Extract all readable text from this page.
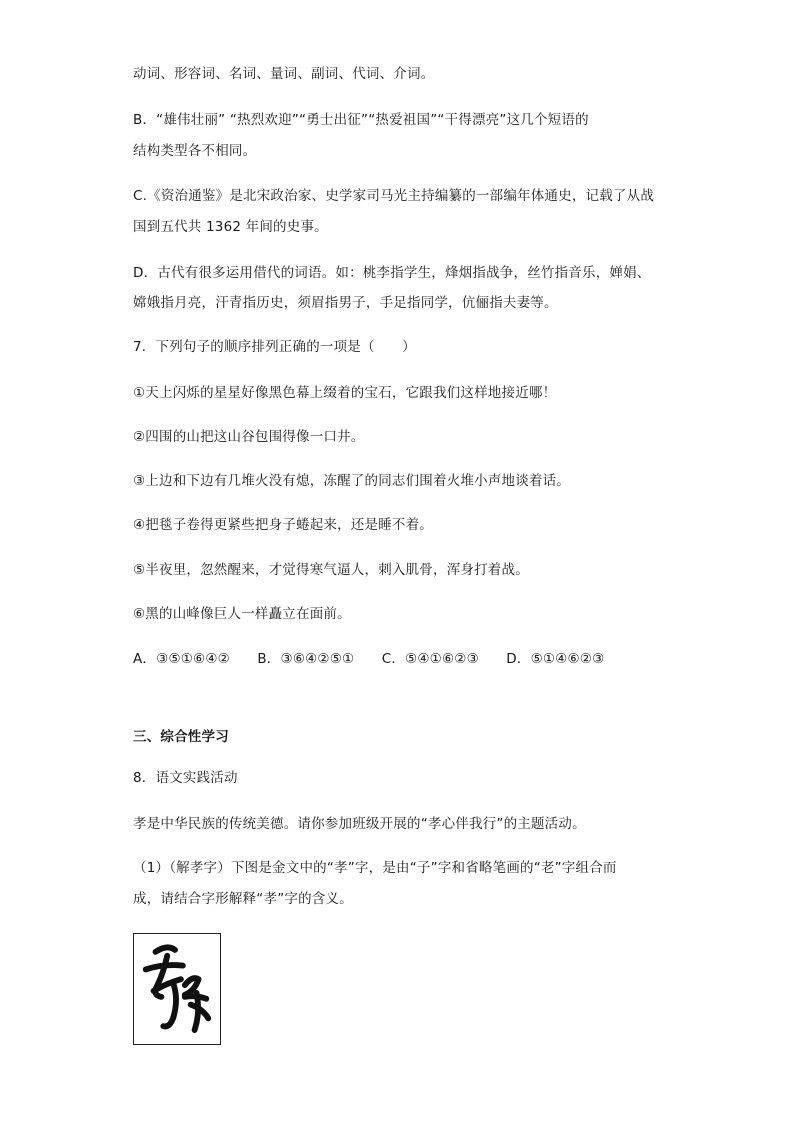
动词、形容词、名词、量词、副词、代词、介词。
B．“雄伟壮丽” “热烈欢迎”“勇士出征”“热爱祖国”“干得漂亮”这几个短语的
结构类型各不相同。
C.《资治通鉴》是北宋政治家、史学家司马光主持编纂的一部编年体通史，记载了从战
国到五代共 1362 年间的史事。
D．古代有很多运用借代的词语。如：桃李指学生，烽烟指战争，丝竹指音乐，婵娟、
嫦娥指月亮，汗青指历史，须眉指男子，手足指同学，伉俪指夫妻等。
7．下列句子的顺序排列正确的一项是（　　）
①天上闪烁的星星好像黑色幕上缀着的宝石，它跟我们这样地接近哪！
②四围的山把这山谷包围得像一口井。
③上边和下边有几堆火没有熄，冻醒了的同志们围着火堆小声地谈着话。
④把毯子卷得更紧些把身子蜷起来，还是睡不着。
⑤半夜里，忽然醒来，才觉得寒气逼人，刺入肌骨，浑身打着战。
⑥黑的山峰像巨人一样矗立在面前。
A．③⑤①⑥④②　　B．③⑥④②⑤①　　C．⑤④①⑥②③　　D．⑤①④⑥②③
三、综合性学习
8．语文实践活动
孝是中华民族的传统美德。请你参加班级开展的“孝心伴我行”的主题活动。
（1）（解孝字）下图是金文中的“孝”字，是由“子”字和省略笔画的“老”字组合而
成，请结合字形解释“孝”字的含义。
